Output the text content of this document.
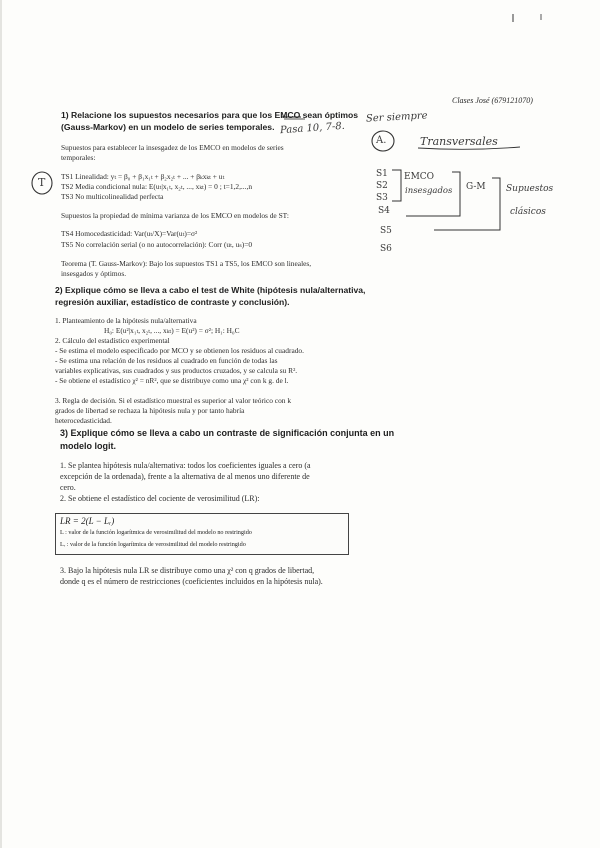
Clases José (679121070)
Pasa 10, 7-8.
Ser siempre
A.	Transversales
T
S1
S2
S3
S4
S5
S6
EMCO
insesgados G-M Supuestos
clásicos
1) Relacione los supuestos necesarios para que los EMCO sean óptimos
(Gauss-Markov) en un modelo de series temporales.
Supuestos para establecer la insesgadez de los EMCO en modelos de series
temporales:
TS1 Linealidad: yₜ = β₀ + β₁x₁ₜ + β₂x₂ₜ + ... + βₖxₖₜ + uₜ
TS2 Media condicional nula: E(uₜ|x₁ₜ, x₂ₜ, ..., xₖₜ) = 0 ; t=1,2,...,n
TS3 No multicolinealidad perfecta
Supuestos la propiedad de mínima varianza de los EMCO en modelos de ST:
TS4 Homocedasticidad: Var(uₜ/X)=Var(uₜ)=σ²
TS5 No correlación serial (o no autocorrelación): Corr (uₜ, uₛ)=0
Teorema (T. Gauss-Markov): Bajo los supuestos TS1 a TS5, los EMCO son lineales,
insesgados y óptimos.
2) Explique cómo se lleva a cabo el test de White (hipótesis nula/alternativa,
regresión auxiliar, estadístico de contraste y conclusión).
1. Planteamiento de la hipótesis nula/alternativa
H₀: E(u²|x₁ₜ, x₂ₜ, ..., xₖₜ) = E(u²) = σ²; H₁: H₀C
2. Cálculo del estadístico experimental
- Se estima el modelo especificado por MCO y se obtienen los residuos al cuadrado.
- Se estima una relación de los residuos al cuadrado en función de todas las
variables explicativas, sus cuadrados y sus productos cruzados, y se calcula su R².
- Se obtiene el estadístico χ² = nR², que se distribuye como una χ² con k g. de l.
3. Regla de decisión. Si el estadístico muestral es superior al valor teórico con k
grados de libertad se rechaza la hipótesis nula y por tanto habría
heterocedasticidad.
3) Explique cómo se lleva a cabo un contraste de significación conjunta en un
modelo logit.
1. Se plantea hipótesis nula/alternativa: todos los coeficientes iguales a cero (a
excepción de la ordenada), frente a la alternativa de al menos uno diferente de
cero.
2. Se obtiene el estadístico del cociente de verosimilitud (LR):
LR = 2(L − Lᵣ)
L : valor de la función logarítmica de verosimilitud del modelo no restringido
Lᵣ : valor de la función logarítmica de verosimilitud del modelo restringido
3. Bajo la hipótesis nula LR se distribuye como una χ² con q grados de libertad,
donde q es el número de restricciones (coeficientes incluidos en la hipótesis nula).
